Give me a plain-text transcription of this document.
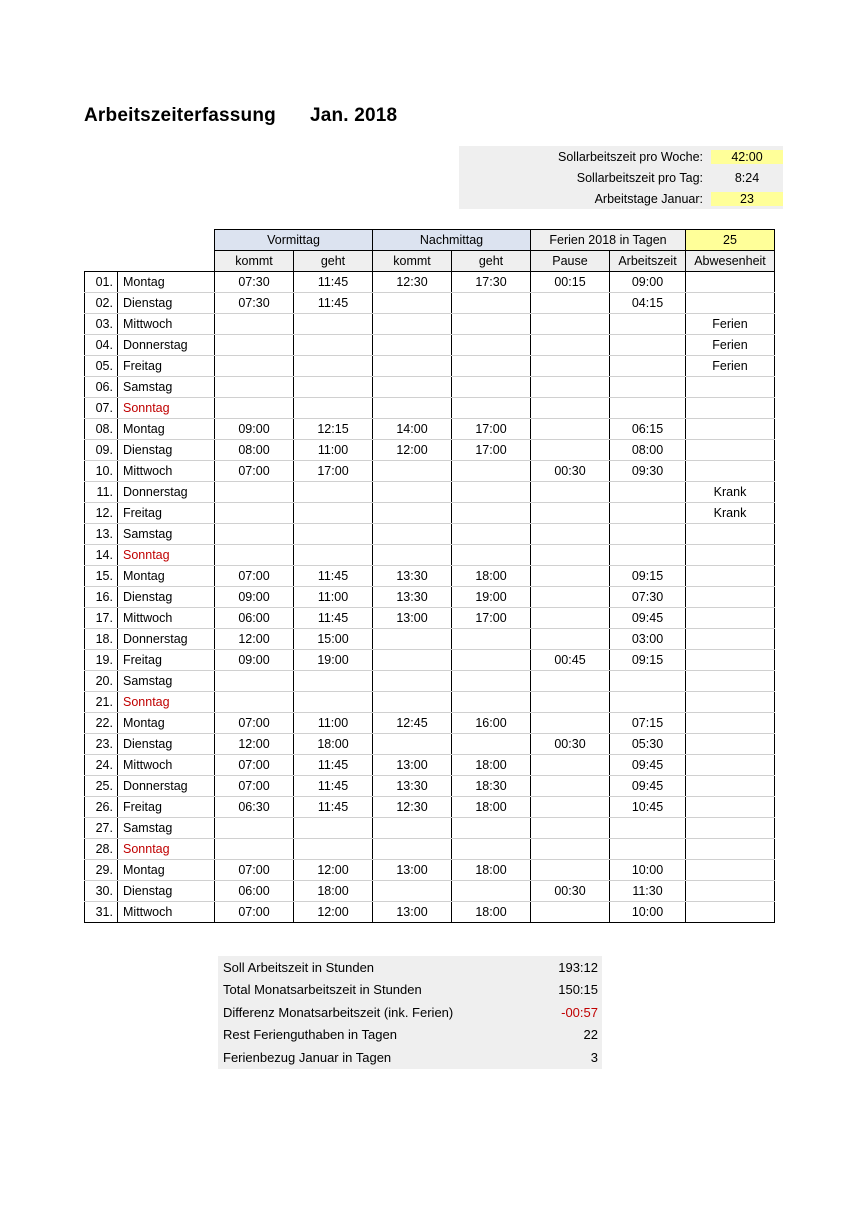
Arbeitszeiterfassung Jan. 2018
Sollarbeitszeit pro Woche:	42:00
Sollarbeitszeit pro Tag:	8:24
Arbeitstage Januar:	23
		Vormittag		Nachmittag		Ferien 2018 in Tagen		25
		kommt	geht	kommt	geht	Pause	Arbeitszeit	Abwesenheit
01.	Montag	07:30	11:45	12:30	17:30	00:15	09:00	
02.	Dienstag	07:30	11:45				04:15	
03.	Mittwoch							Ferien
04.	Donnerstag							Ferien
05.	Freitag							Ferien
06.	Samstag							
07.	Sonntag							
08.	Montag	09:00	12:15	14:00	17:00		06:15	
09.	Dienstag	08:00	11:00	12:00	17:00		08:00	
10.	Mittwoch	07:00	17:00			00:30	09:30	
11.	Donnerstag							Krank
12.	Freitag							Krank
13.	Samstag							
14.	Sonntag							
15.	Montag	07:00	11:45	13:30	18:00		09:15	
16.	Dienstag	09:00	11:00	13:30	19:00		07:30	
17.	Mittwoch	06:00	11:45	13:00	17:00		09:45	
18.	Donnerstag	12:00	15:00				03:00	
19.	Freitag	09:00	19:00			00:45	09:15	
20.	Samstag							
21.	Sonntag							
22.	Montag	07:00	11:00	12:45	16:00		07:15	
23.	Dienstag	12:00	18:00			00:30	05:30	
24.	Mittwoch	07:00	11:45	13:00	18:00		09:45	
25.	Donnerstag	07:00	11:45	13:30	18:30		09:45	
26.	Freitag	06:30	11:45	12:30	18:00		10:45	
27.	Samstag							
28.	Sonntag							
29.	Montag	07:00	12:00	13:00	18:00		10:00	
30.	Dienstag	06:00	18:00			00:30	11:30	
31.	Mittwoch	07:00	12:00	13:00	18:00		10:00	
Soll Arbeitszeit in Stunden	193:12
Total Monatsarbeitszeit in Stunden	150:15
Differenz Monatsarbeitszeit (ink. Ferien)	-00:57
Rest Ferienguthaben in Tagen	22
Ferienbezug Januar in Tagen	3
